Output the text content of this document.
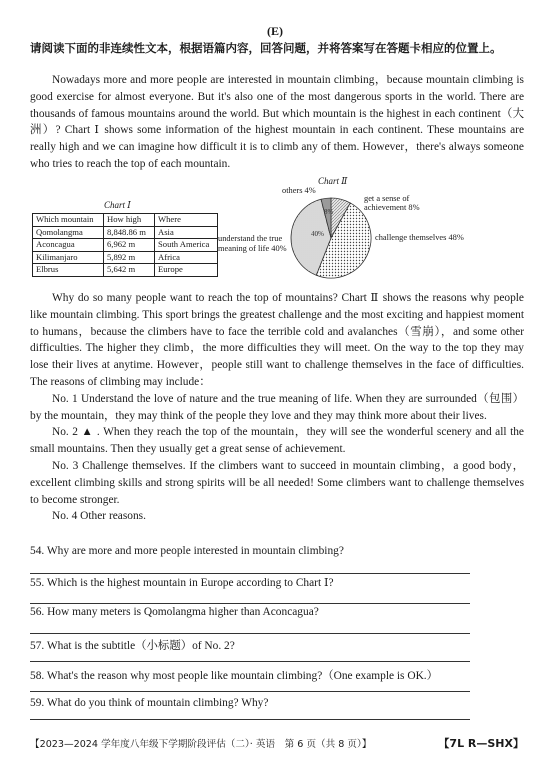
(E)
请阅读下面的非连续性文本，根据语篇内容，回答问题，并将答案写在答题卡相应的位置上。

Nowadays more and more people are interested in mountain climbing，because mountain climbing is good exercise for almost everyone. But it's also one of the most dangerous sports in the world. There are thousands of famous mountains around the world. But which mountain is the highest in each continent（大洲）? Chart Ⅰ shows some information of the highest mountain in each continent. These mountains are really high and we can imagine how difficult it is to climb any of them. However，there's always someone who tries to reach the top of each mountain.

Chart Ⅰ
Which mountain	How high	Where
Qomolangma	8,848.86 m	Asia
Aconcagua	6,962 m	South America
Kilimanjaro	5,892 m	Africa
Elbrus	5,642 m	Europe
Chart Ⅱ
others 4%
get a sense of
achievement 8%
challenge themselves 48%
understand the true
meaning of life 40%
8%
40%

Why do so many people want to reach the top of mountains? Chart Ⅱ shows the reasons why people like mountain climbing. This sport brings the greatest challenge and the most exciting and happiest moment to humans，because the climbers have to face the terrible cold and avalanches（雪崩），and some other difficulties. The higher they climb，the more difficulties they will meet. On the way to the top they may lose their lives at anytime. However，people still want to challenge themselves in the face of difficulties. The reasons of climbing may include：

No. 1 Understand the love of nature and the true meaning of life. When they are surrounded（包围）by the mountain，they may think of the people they love and they may think more about their lives.

No. 2 ▲ . When they reach the top of the mountain，they will see the wonderful scenery and all the small mountains. Then they usually get a great sense of achievement.

No. 3 Challenge themselves. If the climbers want to succeed in mountain climbing，a good body，excellent climbing skills and strong spirits will be all needed! Some climbers want to challenge themselves to become stronger.

No. 4 Other reasons.

54. Why are more and more people interested in mountain climbing?
55. Which is the highest mountain in Europe according to Chart Ⅰ?
56. How many meters is Qomolangma higher than Aconcagua?
57. What is the subtitle（小标题）of No. 2?
58. What's the reason why most people like mountain climbing?（One example is OK.）
59. What do you think of mountain climbing? Why?
【2023—2024 学年度八年级下学期阶段评估（二）· 英语　第 6 页（共 8 页）】	【7L R—SHX】
